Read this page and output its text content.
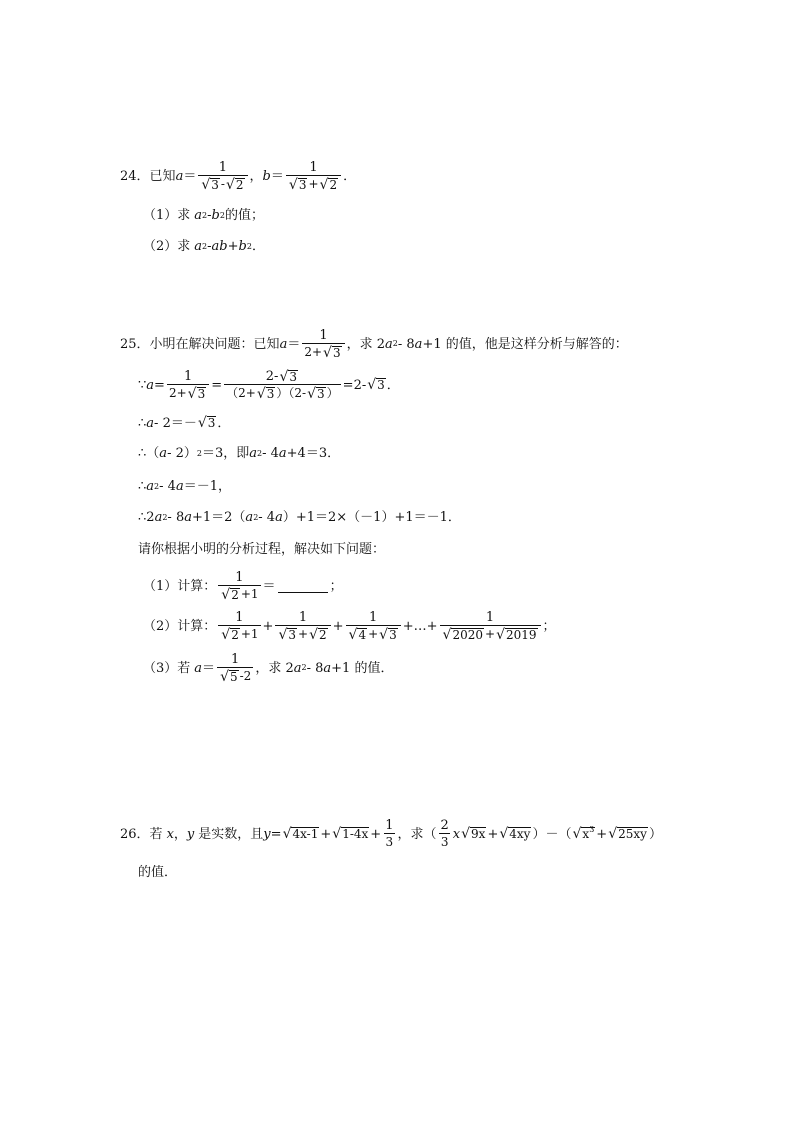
24． 已知 $a = \frac{1}{√ 3 - √ 2}$ ， $b = \frac{1}{√ 3 + √ 2}$ ．
（1）求 a 2 - b 2 的值；
（2）求 a 2 - ab + b 2 ．
25． 小明在解决问题：已知 $a = \frac{1}{2 + √ 3}$ ，求 2 a 2 - 8 a +1 的值，他是这样分析与解答的：
∵ $a = \frac{1}{2 + √ 3} = \frac{2- √ 3}{(2+ √ 3 )(2- √ 3 )} =2-$ √ 3 ．
∴ a - 2＝－ √ 3 ．
∴ （ a - 2） 2 ＝3，即 a 2 - 4 a +4＝3．
∴ a 2 - 4 a ＝－1，
∴ 2 a 2 - 8 a +1＝2（ a 2 - 4 a ）+1＝2×（－1）+1＝－1．
请你根据小明的分析过程，解决如下问题：
（1）计算： $\frac{1}{√ 2 +1}$ ＝	；
（2）计算： $\frac{1}{√ 2 +1} + \frac{1}{√ 3 + √ 2} + \frac{1}{√ 4 + √ 3}$ +…+ $\frac{1}{√ 2020 + √ 2019}$ ；
（3）若 $a = \frac{1}{√ 5 -2}$ ，求 2 a 2 - 8 a +1 的值．
26． 若 x ， y 是实数，且 y = √ 4x-1 + √ $1-4x + \frac{1}{3}$ ，求（ $\frac{2}{3}$ x √ 9x + √ 4xy ）－（ √ $x^3$ + √ 25xy ）
的值．
